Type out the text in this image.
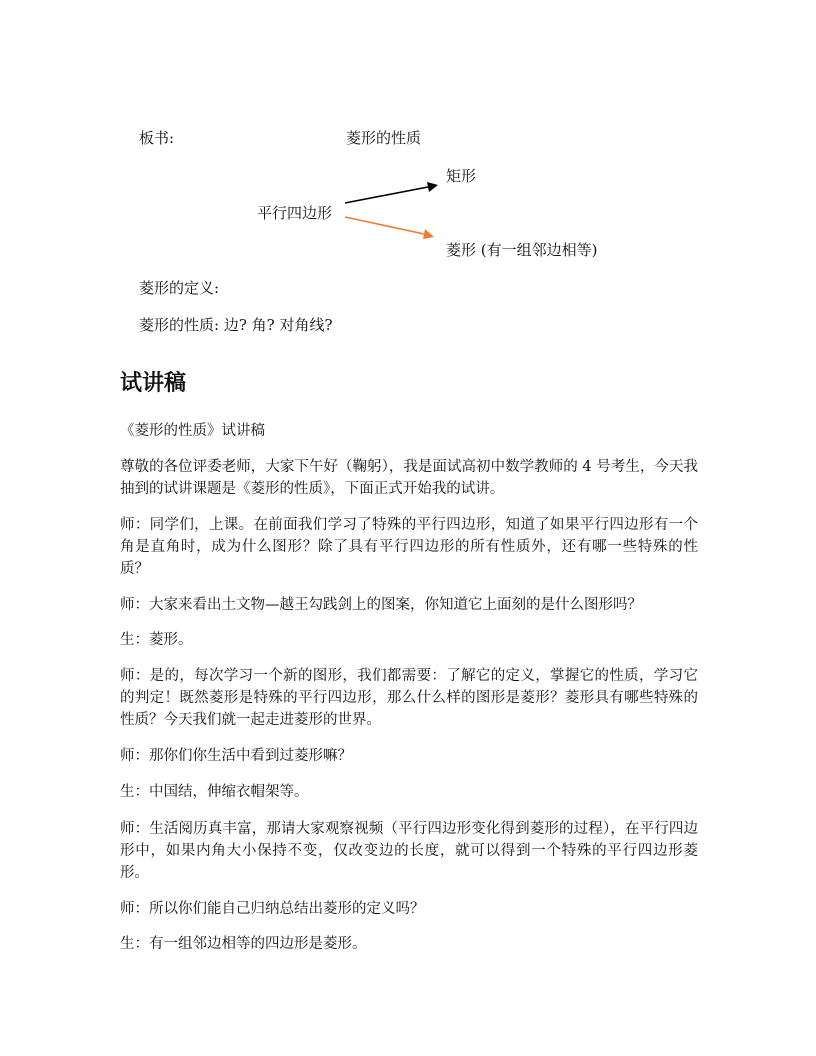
板书:	菱形的性质
矩形
平行四边形
菱形 (有一组邻边相等)
菱形的定义:
菱形的性质: 边? 角? 对角线?
试讲稿
《菱形的性质》试讲稿
尊敬的各位评委老师，大家下午好（鞠躬），我是面试高初中数学教师的 4 号考生，今天我抽到的试讲课题是《菱形的性质》，下面正式开始我的试讲。
师：同学们，上课。在前面我们学习了特殊的平行四边形，知道了如果平行四边形有一个角是直角时，成为什么图形？除了具有平行四边形的所有性质外，还有哪一些特殊的性质？
师：大家来看出土文物—越王勾践剑上的图案，你知道它上面刻的是什么图形吗？
生：菱形。
师：是的，每次学习一个新的图形，我们都需要：了解它的定义，掌握它的性质，学习它的判定！既然菱形是特殊的平行四边形，那么什么样的图形是菱形？菱形具有哪些特殊的性质？今天我们就一起走进菱形的世界。
师：那你们你生活中看到过菱形嘛？
生：中国结，伸缩衣帽架等。
师：生活阅历真丰富，那请大家观察视频（平行四边形变化得到菱形的过程），在平行四边形中，如果内角大小保持不变，仅改变边的长度，就可以得到一个特殊的平行四边形菱形。
师：所以你们能自己归纳总结出菱形的定义吗？
生：有一组邻边相等的四边形是菱形。
